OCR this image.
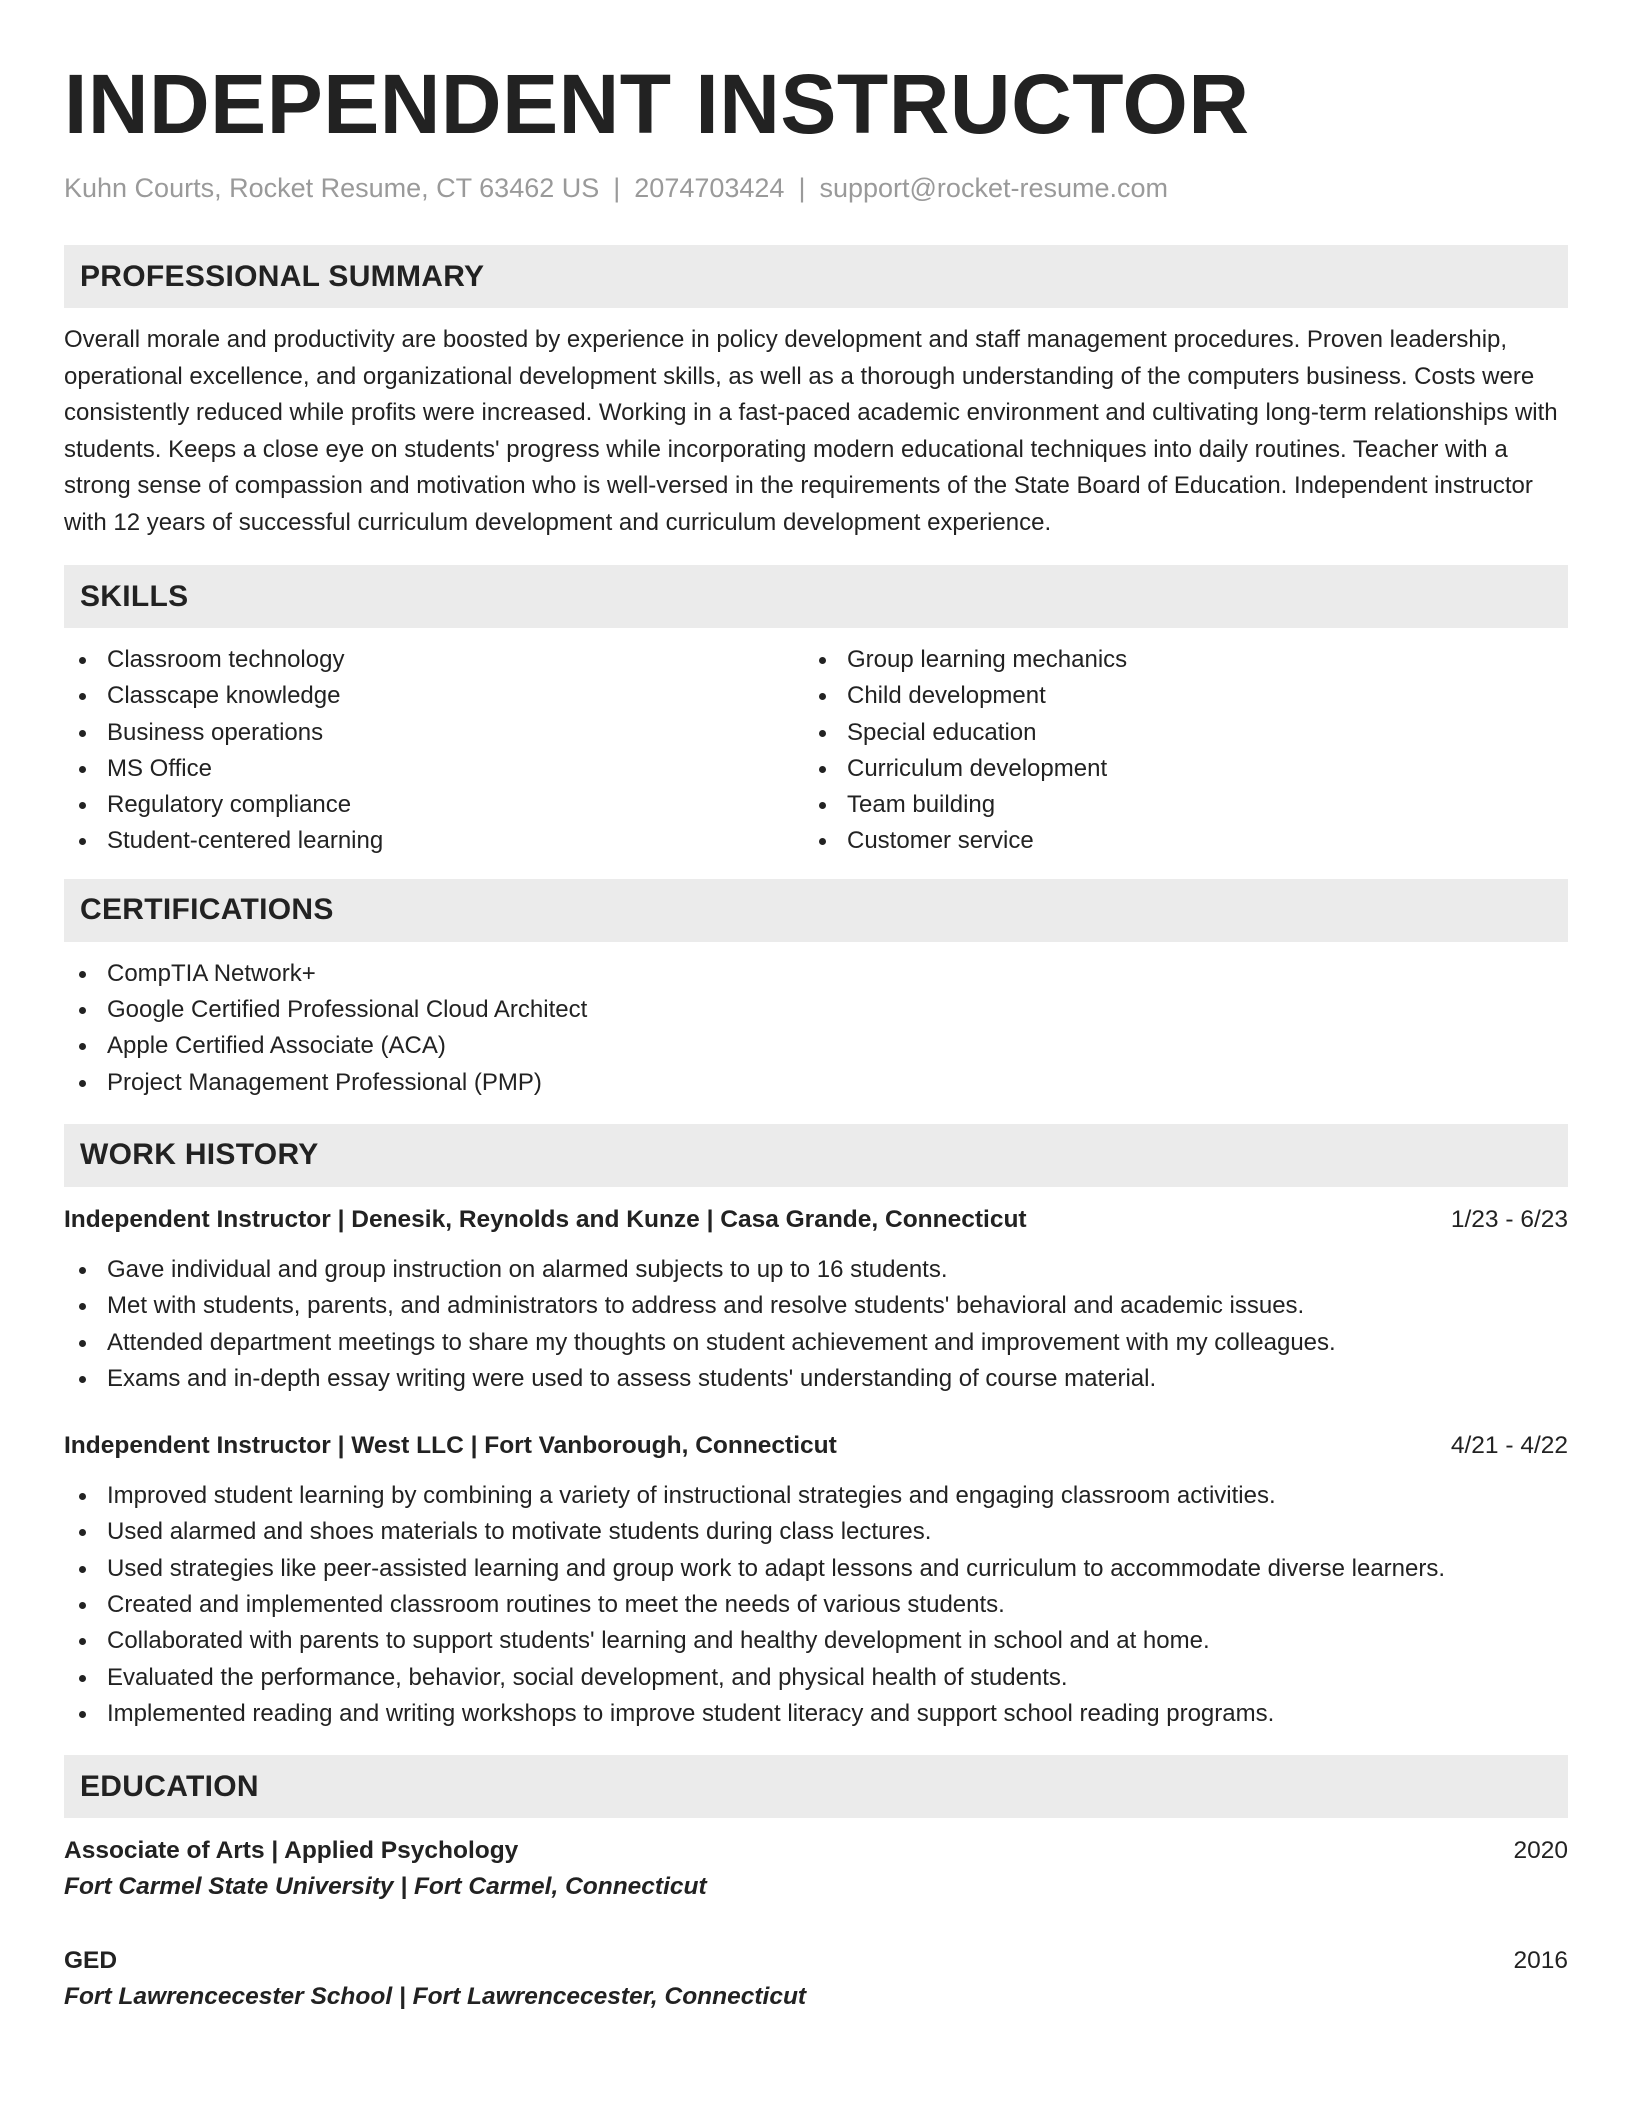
INDEPENDENT INSTRUCTOR
Kuhn Courts, Rocket Resume, CT 63462 US | 2074703424 | support@rocket-resume.com
PROFESSIONAL SUMMARY

Overall morale and productivity are boosted by experience in policy development and staff management procedures. Proven leadership, operational excellence, and organizational development skills, as well as a thorough understanding of the computers business. Costs were consistently reduced while profits were increased. Working in a fast-paced academic environment and cultivating long-term relationships with students. Keeps a close eye on students' progress while incorporating modern educational techniques into daily routines. Teacher with a strong sense of compassion and motivation who is well-versed in the requirements of the State Board of Education. Independent instructor with 12 years of successful curriculum development and curriculum development experience.

SKILLS
Classroom technology
Classcape knowledge
Business operations
MS Office
Regulatory compliance
Student-centered learning
Group learning mechanics
Child development
Special education
Curriculum development
Team building
Customer service
CERTIFICATIONS
CompTIA Network+
Google Certified Professional Cloud Architect
Apple Certified Associate (ACA)
Project Management Professional (PMP)
WORK HISTORY
Independent Instructor | Denesik, Reynolds and Kunze | Casa Grande, Connecticut	1/23 - 6/23
Gave individual and group instruction on alarmed subjects to up to 16 students.
Met with students, parents, and administrators to address and resolve students' behavioral and academic issues.
Attended department meetings to share my thoughts on student achievement and improvement with my colleagues.
Exams and in-depth essay writing were used to assess students' understanding of course material.
Independent Instructor | West LLC | Fort Vanborough, Connecticut	4/21 - 4/22
Improved student learning by combining a variety of instructional strategies and engaging classroom activities.
Used alarmed and shoes materials to motivate students during class lectures.
Used strategies like peer-assisted learning and group work to adapt lessons and curriculum to accommodate diverse learners.
Created and implemented classroom routines to meet the needs of various students.
Collaborated with parents to support students' learning and healthy development in school and at home.
Evaluated the performance, behavior, social development, and physical health of students.
Implemented reading and writing workshops to improve student literacy and support school reading programs.
EDUCATION
Associate of Arts | Applied Psychology	2020
Fort Carmel State University | Fort Carmel, Connecticut
GED	2016
Fort Lawrencecester School | Fort Lawrencecester, Connecticut
